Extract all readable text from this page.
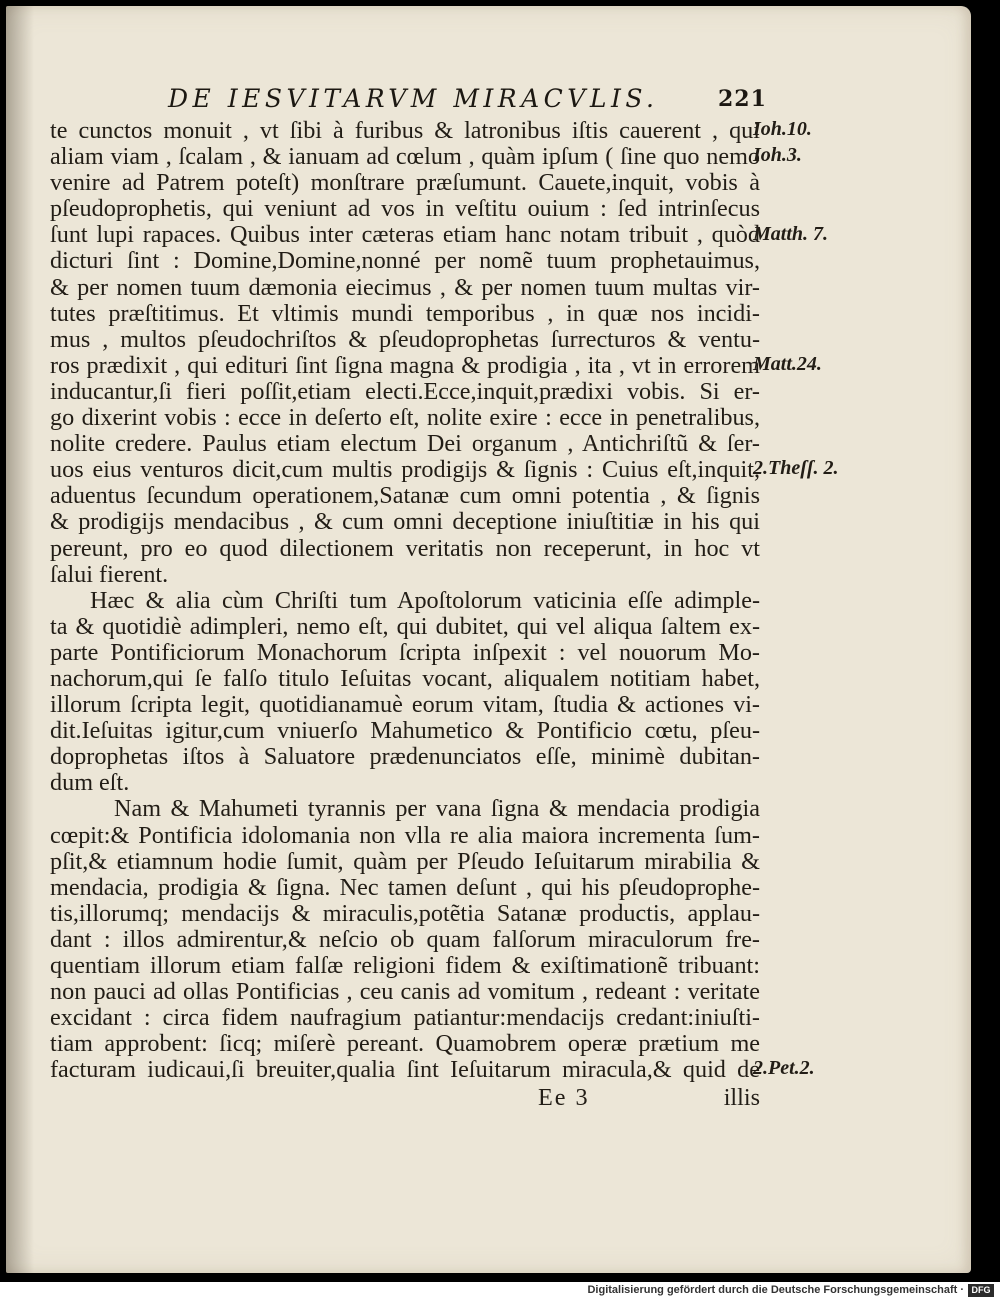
DE IESVITARVM MIRACVLIS.	221
te cunctos monuit , vt ſibi à furibus & latronibus iſtis cauerent , qui
aliam viam , ſcalam , & ianuam ad cœlum , quàm ipſum ( ſine quo nemo
venire ad Patrem poteſt) monſtrare præſumunt. Cauete,inquit, vobis à
pſeudoprophetis, qui veniunt ad vos in veſtitu ouium : ſed intrinſecus
ſunt lupi rapaces. Quibus inter cæteras etiam hanc notam tribuit , quòd
dicturi ſint : Domine,Domine,nonné per nomẽ tuum prophetauimus,
& per nomen tuum dæmonia eiecimus , & per nomen tuum multas vir-
tutes præſtitimus. Et vltimis mundi temporibus , in quæ nos incidi-
mus , multos pſeudochriſtos & pſeudoprophetas ſurrecturos & ventu-
ros prædixit , qui edituri ſint ſigna magna & prodigia , ita , vt in errorem
inducantur,ſi fieri poſſit,etiam electi.Ecce,inquit,prædixi vobis. Si er-
go dixerint vobis : ecce in deſerto eſt, nolite exire : ecce in penetralibus,
nolite credere. Paulus etiam electum Dei organum , Antichriſtũ & ſer-
uos eius venturos dicit,cum multis prodigijs & ſignis : Cuius eſt,inquit,
aduentus ſecundum operationem,Satanæ cum omni potentia , & ſignis
& prodigijs mendacibus , & cum omni deceptione iniuſtitiæ in his qui
pereunt, pro eo quod dilectionem veritatis non receperunt, in hoc vt
ſalui fierent.
Hæc & alia cùm Chriſti tum Apoſtolorum vaticinia eſſe adimple-
ta & quotidiè adimpleri, nemo eſt, qui dubitet, qui vel aliqua ſaltem ex-
parte Pontificiorum Monachorum ſcripta inſpexit : vel nouorum Mo-
nachorum,qui ſe falſo titulo Ieſuitas vocant, aliqualem notitiam habet,
illorum ſcripta legit, quotidianamuè eorum vitam, ſtudia & actiones vi-
dit.Ieſuitas igitur,cum vniuerſo Mahumetico & Pontificio cœtu, pſeu-
doprophetas iſtos à Saluatore prædenunciatos eſſe, minimè dubitan-
dum eſt.
Nam & Mahumeti tyrannis per vana ſigna & mendacia prodigia
cœpit:& Pontificia idolomania non vlla re alia maiora incrementa ſum-
pſit,& etiamnum hodie ſumit, quàm per Pſeudo Ieſuitarum mirabilia &
mendacia, prodigia & ſigna. Nec tamen deſunt , qui his pſeudoprophe-
tis,illorumq; mendacijs & miraculis,potẽtia Satanæ productis, applau-
dant : illos admirentur,& neſcio ob quam falſorum miraculorum fre-
quentiam illorum etiam falſæ religioni fidem & exiſtimationẽ tribuant:
non pauci ad ollas Pontificias , ceu canis ad vomitum , redeant : veritate
excidant : circa fidem naufragium patiantur:mendacijs credant:iniuſti-
tiam approbent: ſicq; miſerè pereant. Quamobrem operæ prætium me
facturam iudicaui,ſi breuiter,qualia ſint Ieſuitarum miracula,& quid de
Ee 3	illis
Ioh.10.
Ioh.3.
Matth. 7.
Matt.24.
2.Theſſ. 2.
2.Pet.2.
Digitalisierung gefördert durch die Deutsche Forschungsgemeinschaft · DFG
